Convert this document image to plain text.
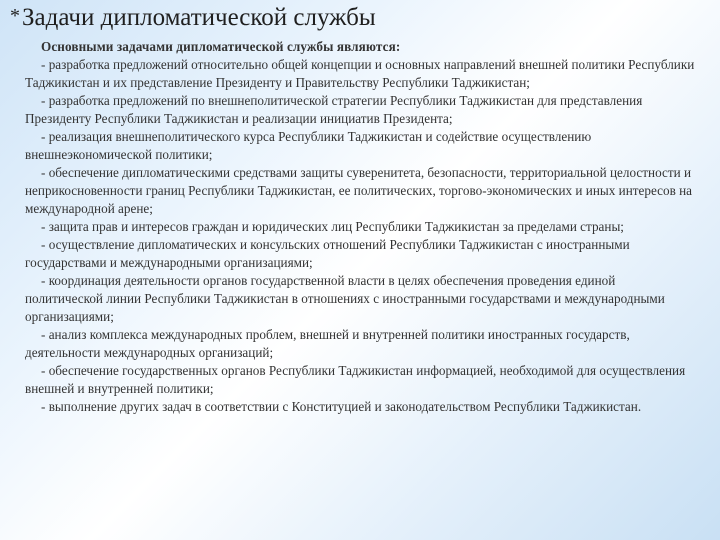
*Задачи дипломатической службы
Основными задачами дипломатической службы являются:

- разработка предложений относительно общей концепции и основных направлений внешней политики Республики Таджикистан и их представление Президенту и Правительству Республики Таджикистан;

- разработка предложений по внешнеполитической стратегии Республики Таджикистан для представления Президенту Республики Таджикистан и реализации инициатив Президента;

- реализация внешнеполитического курса Республики Таджикистан и содействие осуществлению внешнеэкономической политики;

- обеспечение дипломатическими средствами защиты суверенитета, безопасности, территориальной целостности и неприкосновенности границ Республики Таджикистан, ее политических, торгово-экономических и иных интересов на международной арене;

- защита прав и интересов граждан и юридических лиц Республики Таджикистан за пределами страны;

- осуществление дипломатических и консульских отношений Республики Таджикистан с иностранными государствами и международными организациями;

- координация деятельности органов государственной власти в целях обеспечения проведения единой политической линии Республики Таджикистан в отношениях с иностранными государствами и международными организациями;

- анализ комплекса международных проблем, внешней и внутренней политики иностранных государств, деятельности международных организаций;

- обеспечение государственных органов Республики Таджикистан информацией, необходимой для осуществления внешней и внутренней политики;

- выполнение других задач в соответствии с Конституцией и законодательством Республики Таджикистан.
